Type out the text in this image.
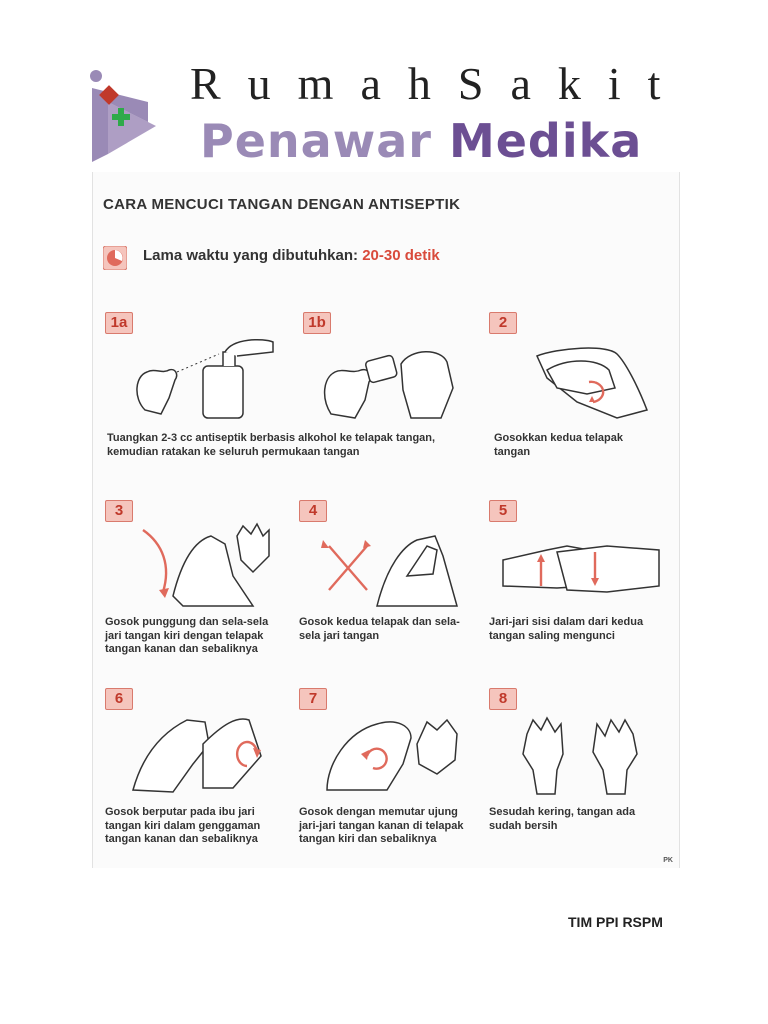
RumahSakit
Penawar Medika
CARA MENCUCI TANGAN DENGAN ANTISEPTIK
Lama waktu yang dibutuhkan: 20-30 detik
1a	1b	2
Tuangkan 2-3 cc antiseptik berbasis alkohol ke telapak tangan,
kemudian ratakan ke seluruh permukaan tangan
Gosokkan kedua telapak
tangan
3
Gosok punggung dan sela-sela
jari tangan kiri dengan telapak
tangan kanan dan sebaliknya
4
Gosok kedua telapak dan sela-
sela jari tangan
5
Jari-jari sisi dalam dari kedua
tangan saling mengunci
6
Gosok berputar pada ibu jari
tangan kiri dalam genggaman
tangan kanan dan sebaliknya
7
Gosok dengan memutar ujung
jari-jari tangan kanan di telapak
tangan kiri dan sebaliknya
8
Sesudah kering, tangan ada
sudah bersih
PK
TIM PPI RSPM
